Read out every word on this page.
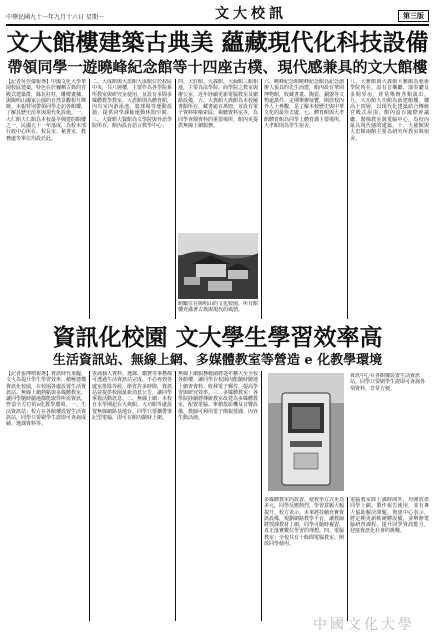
中華民國九十一年九月十六日 星期一	文大校訊	第三版
文大館樓建築古典美 蘊藏現代化科技設備
帶領同學一遊曉峰紀念館等十四座古樸、現代感兼具的文大館樓
【記者吳佳儀報導】中國文化大學華岡校區建築，特色在於巍峨古典的宮殿式建築群，綠瓦紅柱，雕樑畫棟，與陽明山國家公園的自然景觀相互輝映。本報特別帶領同學走訪各館樓，了解其歷史沿革與現代化設施。一、大仁館大仁館為本校最早興建的館樓之一，民國五十一年落成，為校本部行政中心所在，校長室、秘書室、教務處等單位均設於此。
二、大成館與大恩館大成館位於校區中央，共八層樓，主要作為各學院系所教室與研究室使用，並設有多間多媒體教學教室。大恩館則為體育館，內有室內游泳池、籃球場等運動設施，提供同學課餘運動休閒空間。三、大賢館大賢館為文學院與外語學院所在，館內設有語言教學中心。
四、大莊館、大義館、大倫館三館相連，主要為法學院、商學院之教室與辦公室，近年陸續更新電腦教室及網路設備。五、大典館大典館為本校圖書館所在，藏書逾百萬冊，並設有電子資料庫檢索區、視聽資料室等，為同學查閱資料的重要場所，館內更提供無線上網服務。
六、曉峰紀念館曉峰紀念館為紀念創辦人張其昀先生而建，館內設有華岡博物館，收藏書畫、陶瓷、銅器等文物逾萬件，定期舉辦展覽，開放校內外人士參觀，是了解本校歷史與中華文化的最佳去處。七、體育館與大孝館體育館為同學上體育課主要場所，大孝館則為學生宿舍。
八、大雅館與大義館大雅館為藝術學院所在，設有音樂廳、演奏廳及多間琴房，經常舉辦各類演出。九、大功館大功館為新建館樓，樓高十四層，以現代化建築結合傳統宮殿式屋頂，館內設有國際會議廳、階梯教室與電腦中心，為校內最具現代感的建築。十、大慈館與大忠館兩館主要為研究所教室與宿舍。
俯瞰位在陽明山的文化校園，所有館樓充滿著古典與現代的風情。
資訊化校園 文大學生學習效率高
生活資訊站、無線上網、多媒體教室等營造 e 化教學環境
【記者張博晴報導】資訊時代來臨，文大為提升學生學習效率，積極建構資訊化校園，在校園各處設置生活資訊站、無線上網熱點與多媒體教室，讓同學隨時隨地都能取得所需資訊，營造全方位的e化教學環境。一、生活資訊站：校方在各館樓設置生活資訊站，同學只要刷學生證即可查詢成績、選課資料等。
查詢個人資料、選課、繳費等事務都可透過生活資訊站完成，不必再到各處室排隊等候，節省許多時間。資訊站並提供校園最新消息公告，讓同學掌握活動訊息。二、無線上網：本校自本學期起在大典館、大功館等處設置無線網路基地台，同學只要攜帶筆記型電腦，即可在館內隨時上網。
無線上網服務範圍將逐年擴大至全校各館樓，讓同學在校園內能隨時隨地上網查資料、收發電子郵件，提高學習與研究效率。三、多媒體教室：各學院陸續將傳統教室改建為多媒體教室，配置電腦、單槍投影機及音響設備，教師可利用電子簡報授課，內容生動活潑。
資訊中心在各館樓設置生活資訊站，同學只要刷學生證即可查詢各項資料，非常方便。
多媒體教室的設置，使教學方式更為多元，同學反應熱烈，學習意願大幅提升。校方表示，未來將持續充實資訊設備，規劃網路教學平台，讓教師將授課教材上網，同學可隨時複習，真正落實數位學習的理想。四、電腦教室：全校共有十餘間電腦教室，開放同學使用。
電腦教室除上課時間外，均開放供同學上網、製作報告使用，並有專人協助解決問題。資訊中心表示，將定期更新軟硬體設備，並舉辦電腦研習課程，提升同學資訊能力，迎接資訊化社會的挑戰。
中國文化大學
